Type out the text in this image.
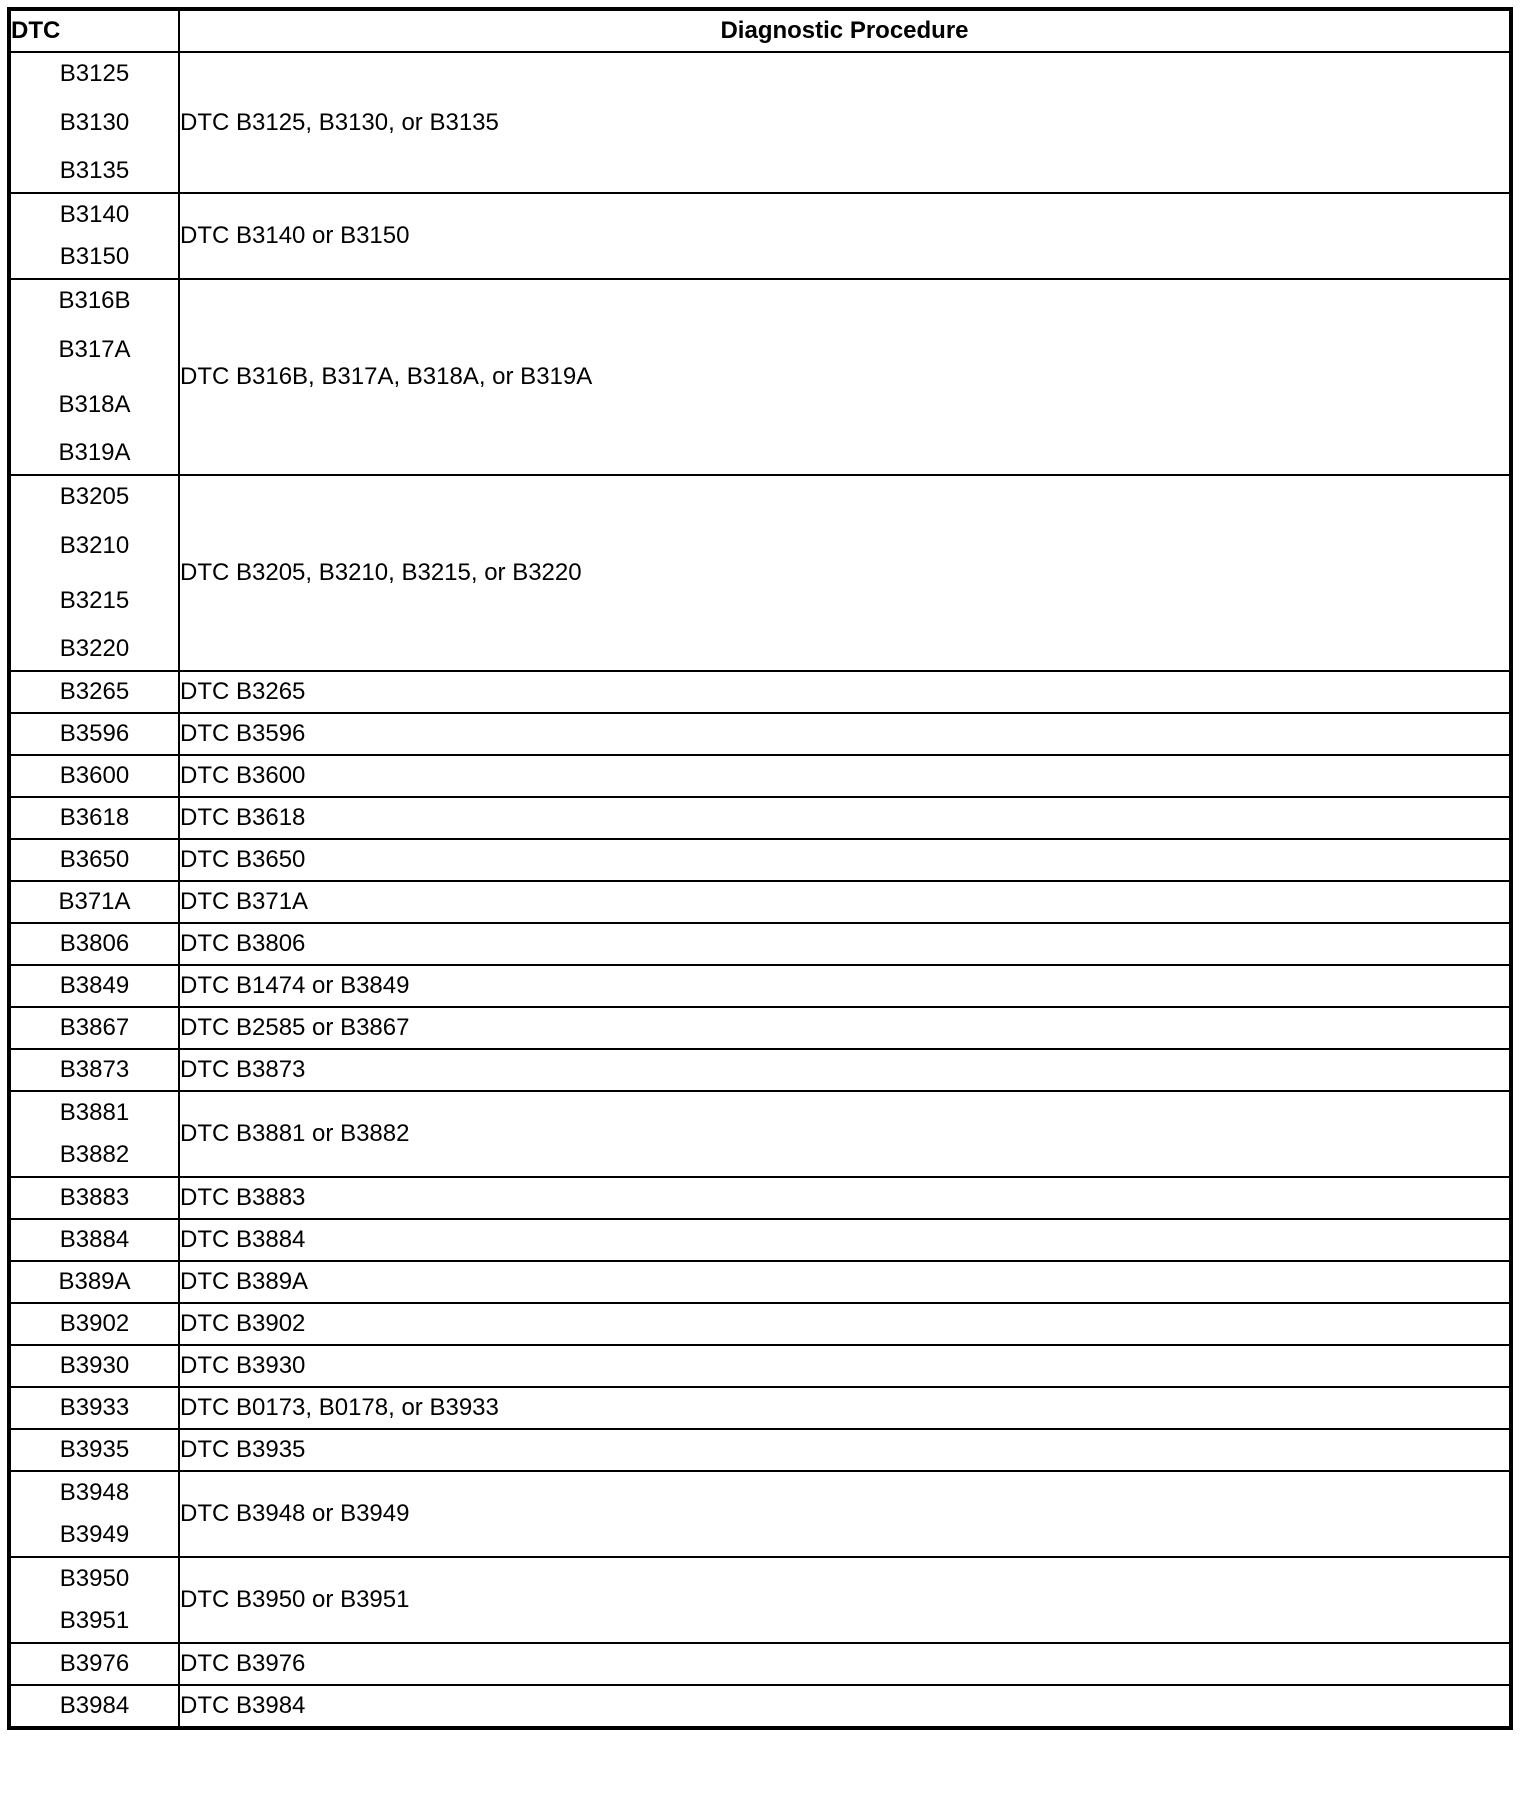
DTC	Diagnostic Procedure

B3125
B3130
B3135	DTC B3125, B3130, or B3135

B3140
B3150	DTC B3140 or B3150

B316B
B317A
B318A
B319A	DTC B316B, B317A, B318A, or B319A

B3205
B3210
B3215
B3220	DTC B3205, B3210, B3215, or B3220

B3265	DTC B3265

B3596	DTC B3596

B3600	DTC B3600

B3618	DTC B3618

B3650	DTC B3650

B371A	DTC B371A

B3806	DTC B3806

B3849	DTC B1474 or B3849

B3867	DTC B2585 or B3867

B3873	DTC B3873

B3881
B3882	DTC B3881 or B3882

B3883	DTC B3883

B3884	DTC B3884

B389A	DTC B389A

B3902	DTC B3902

B3930	DTC B3930

B3933	DTC B0173, B0178, or B3933

B3935	DTC B3935

B3948
B3949	DTC B3948 or B3949

B3950
B3951	DTC B3950 or B3951

B3976	DTC B3976

B3984	DTC B3984
